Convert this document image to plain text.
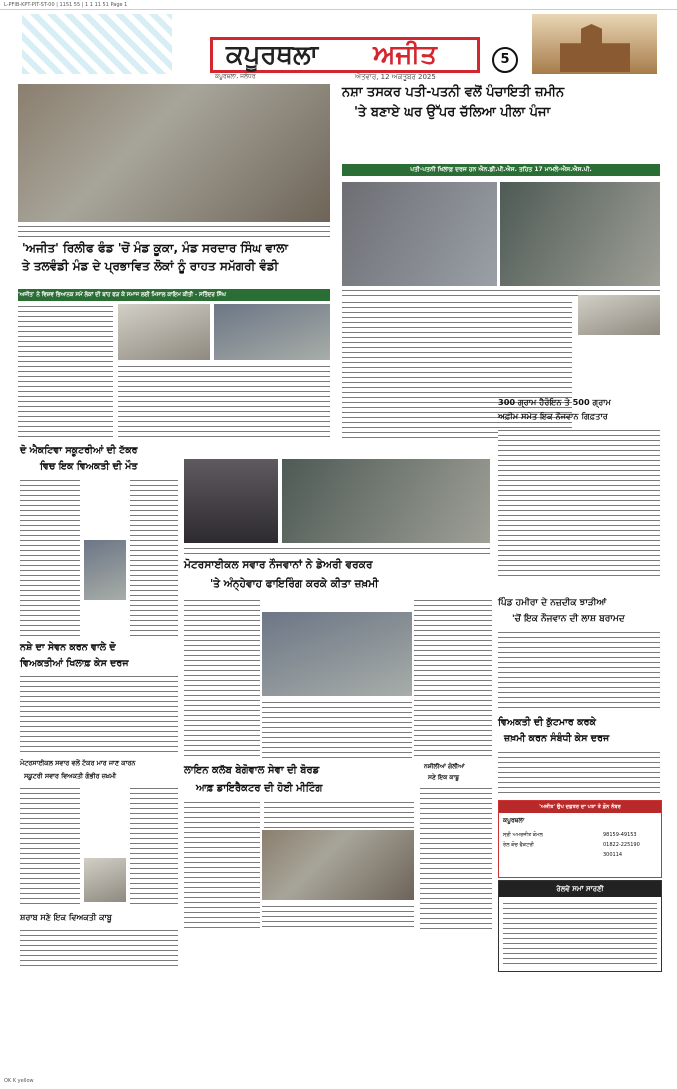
L-PFIB-KPT-PIT-ST-00 | 1151 55 | 1 1 11 51 Page 1
ਕਪੂਰਥਲਾ	ਅਜੀਤ
ਕਪੂਰਥਲਾ, ਜਲੰਧਰ	ਐਤਵਾਰ, 12 ਅਕਤੂਬਰ 2025
5
'ਅਜੀਤ' ਰਿਲੀਫ ਫੰਡ 'ਚੋਂ ਮੰਡ ਕੂਕਾ, ਮੰਡ ਸਰਦਾਰ ਸਿੰਘ ਵਾਲਾ
ਤੇ ਤਲਵੰਡੀ ਮੰਡ ਦੇ ਪ੍ਰਭਾਵਿਤ ਲੋਕਾਂ ਨੂੰ ਰਾਹਤ ਸਮੱਗਰੀ ਵੰਡੀ
'ਅਜੀਤ' ਨੇ ਵਿਸ਼ਵ ਭਿਆਨਕ ਸਮੇਂ ਲੋਕਾਂ ਦੀ ਬਾਂਹ ਫੜ ਕੇ ਸਮਾਜ ਲਈ ਮਿਸਾਲ ਕਾਇਮ ਕੀਤੀ - ਸਤਿੰਦਰ ਸਿੰਘ
ਨਸ਼ਾ ਤਸਕਰ ਪਤੀ-ਪਤਨੀ ਵਲੋਂ ਪੰਚਾਇਤੀ ਜ਼ਮੀਨ
'ਤੇ ਬਣਾਏ ਘਰ ਉੱਪਰ ਚੱਲਿਆ ਪੀਲਾ ਪੰਜਾ
ਪਤੀ-ਪਤਨੀ ਖਿਲਾਫ਼ ਦਰਜ ਹਨ ਐਨ.ਡੀ.ਪੀ.ਐਸ. ਤਹਿਤ 17 ਮਾਮਲੇ-ਐਸ.ਐਸ.ਪੀ.
300 ਗ੍ਰਾਮ ਹੈਰੋਇਨ ਤੇ 500 ਗ੍ਰਾਮ
ਅਫ਼ੀਮ ਸਮੇਤ ਇਕ ਨੌਜਵਾਨ ਗਿਫ਼ਤਾਰ
ਦੋ ਐਕਟਿਵਾ ਸਕੂਟਰੀਆਂ ਦੀ ਟੱਕਰ
ਵਿਚ ਇਕ ਵਿਅਕਤੀ ਦੀ ਮੌਤ
ਮੋਟਰਸਾਈਕਲ ਸਵਾਰ ਨੌਜਵਾਨਾਂ ਨੇ ਡੇਅਰੀ ਵਰਕਰ
'ਤੇ ਅੰਨ੍ਹੇਵਾਹ ਫਾਇਰਿੰਗ ਕਰਕੇ ਕੀਤਾ ਜ਼ਖ਼ਮੀ
ਪਿੰਡ ਹਮੀਰਾ ਦੇ ਨਜ਼ਦੀਕ ਝਾੜੀਆਂ
'ਚੋਂ ਇਕ ਨੌਜਵਾਨ ਦੀ ਲਾਸ਼ ਬਰਾਮਦ
ਨਸ਼ੇ ਦਾ ਸੇਵਨ ਕਰਨ ਵਾਲੇ ਦੋ
ਵਿਅਕਤੀਆਂ ਖਿਲਾਫ਼ ਕੇਸ ਦਰਜ
ਵਿਅਕਤੀ ਦੀ ਕੁੱਟਮਾਰ ਕਰਕੇ
ਜ਼ਖ਼ਮੀ ਕਰਨ ਸੰਬੰਧੀ ਕੇਸ ਦਰਜ
ਮੋਟਰਸਾਈਕਲ ਸਵਾਰ ਵਲੋਂ ਟੱਕਰ ਮਾਰ ਜਾਣ ਕਾਰਨ
ਸਕੂਟਰੀ ਸਵਾਰ ਵਿਅਕਤੀ ਗੰਭੀਰ ਜ਼ਖ਼ਮੀ	ਲਾਇਨ ਕਲੱਬ ਬੇਗੋਵਾਲ ਸੇਵਾ ਦੀ ਬੋਰਡ
ਆਫ਼ ਡਾਇਰੈਕਟਰ ਦੀ ਹੋਈ ਮੀਟਿੰਗ
ਨਸ਼ੀਲੀਆਂ ਗੋਲੀਆਂ
ਸਣੇ ਇਕ ਕਾਬੂ
ਸ਼ਰਾਬ ਸਣੇ ਇਕ ਵਿਅਕਤੀ ਕਾਬੂ
'ਅਜੀਤ' ਉਪ ਦਫ਼ਤਰ ਦਾ ਪਤਾ ਤੇ ਫ਼ੋਨ ਨੰਬਰ
ਕਪੂਰਥਲਾ
ਸ੍ਰੀ ਅਮਰਜੀਤ ਕੋਮਲ	98159-49153
ਰੇਲ ਕੋਚ ਫੈਕਟਰੀ	01822-225190
300114
ਰੇਲਵੇ ਸਮਾਂ ਸਾਰਣੀ
OK K yellow
